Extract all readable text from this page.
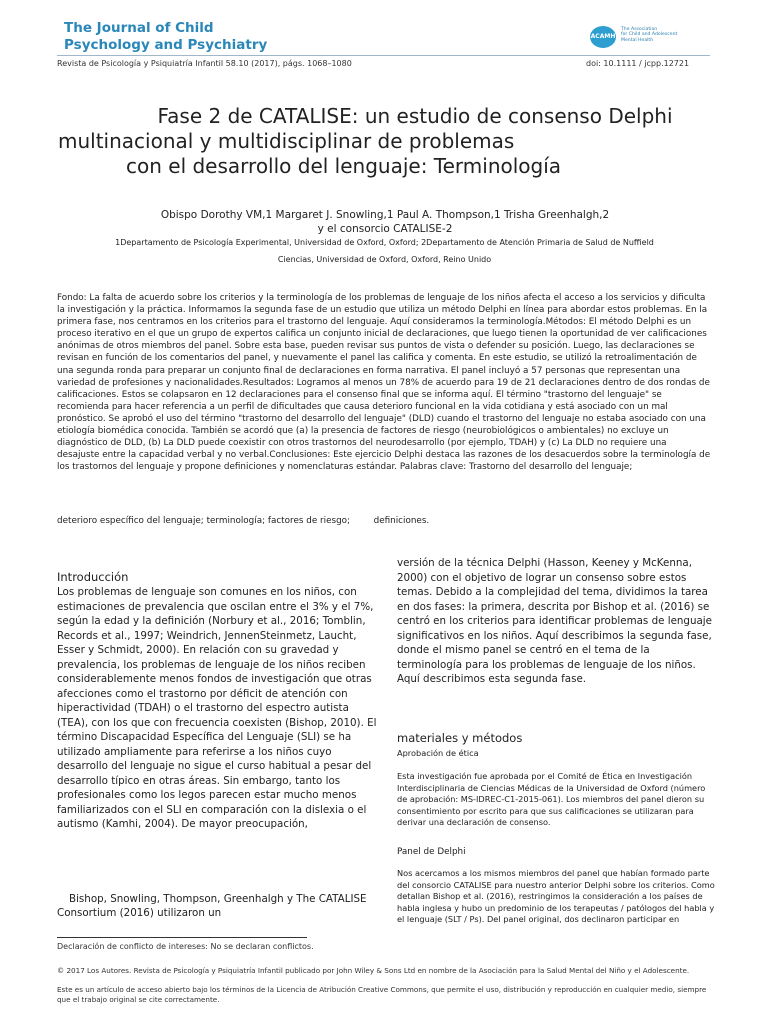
The Journal of Child
Psychology and Psychiatry
ACAMH
The Association
for Child and Adolescent
Mental Health
Revista de Psicología y Psiquiatría Infantil 58.10 (2017), págs. 1068–1080	doi: 10.1111 / jcpp.12721
Fase 2 de CATALISE: un estudio de consenso Delphi
multinacional y multidisciplinar de problemas
con el desarrollo del lenguaje: Terminología
Obispo Dorothy VM,1 Margaret J. Snowling,1 Paul A. Thompson,1 Trisha Greenhalgh,2
y el consorcio CATALISE-2
1Departamento de Psicología Experimental, Universidad de Oxford, Oxford; 2Departamento de Atención Primaria de Salud de Nuffield
Ciencias, Universidad de Oxford, Oxford, Reino Unido
Fondo: La falta de acuerdo sobre los criterios y la terminología de los problemas de lenguaje de los niños afecta el acceso a los servicios y dificulta la investigación y la práctica. Informamos la segunda fase de un estudio que utiliza un método Delphi en línea para abordar estos problemas. En la primera fase, nos centramos en los criterios para el trastorno del lenguaje. Aquí consideramos la terminología.Métodos: El método Delphi es un proceso iterativo en el que un grupo de expertos califica un conjunto inicial de declaraciones, que luego tienen la oportunidad de ver calificaciones anónimas de otros miembros del panel. Sobre esta base, pueden revisar sus puntos de vista o defender su posición. Luego, las declaraciones se revisan en función de los comentarios del panel, y nuevamente el panel las califica y comenta. En este estudio, se utilizó la retroalimentación de una segunda ronda para preparar un conjunto final de declaraciones en forma narrativa. El panel incluyó a 57 personas que representan una variedad de profesiones y nacionalidades.Resultados: Logramos al menos un 78% de acuerdo para 19 de 21 declaraciones dentro de dos rondas de calificaciones. Estos se colapsaron en 12 declaraciones para el consenso final que se informa aquí. El término "trastorno del lenguaje" se recomienda para hacer referencia a un perfil de dificultades que causa deterioro funcional en la vida cotidiana y está asociado con un mal pronóstico. Se aprobó el uso del término "trastorno del desarrollo del lenguaje" (DLD) cuando el trastorno del lenguaje no estaba asociado con una etiología biomédica conocida. También se acordó que (a) la presencia de factores de riesgo (neurobiológicos o ambientales) no excluye un diagnóstico de DLD, (b) La DLD puede coexistir con otros trastornos del neurodesarrollo (por ejemplo, TDAH) y (c) La DLD no requiere una desajuste entre la capacidad verbal y no verbal.Conclusiones: Este ejercicio Delphi destaca las razones de los desacuerdos sobre la terminología de los trastornos del lenguaje y propone definiciones y nomenclaturas estándar. Palabras clave: Trastorno del desarrollo del lenguaje;
deterioro específico del lenguaje; terminología; factores de riesgo;	definiciones.
Introducción
Los problemas de lenguaje son comunes en los niños, con estimaciones de prevalencia que oscilan entre el 3% y el 7%, según la edad y la definición (Norbury et al., 2016; Tomblin, Records et al., 1997; Weindrich, JennenSteinmetz, Laucht, Esser y Schmidt, 2000). En relación con su gravedad y prevalencia, los problemas de lenguaje de los niños reciben considerablemente menos fondos de investigación que otras afecciones como el trastorno por déficit de atención con hiperactividad (TDAH) o el trastorno del espectro autista (TEA), con los que con frecuencia coexisten (Bishop, 2010). El término Discapacidad Específica del Lenguaje (SLI) se ha utilizado ampliamente para referirse a los niños cuyo desarrollo del lenguaje no sigue el curso habitual a pesar del desarrollo típico en otras áreas. Sin embargo, tanto los profesionales como los legos parecen estar mucho menos familiarizados con el SLI en comparación con la dislexia o el autismo (Kamhi, 2004). De mayor preocupación,
Bishop, Snowling, Thompson, Greenhalgh y The CATALISE Consortium (2016) utilizaron un
versión de la técnica Delphi (Hasson, Keeney y McKenna, 2000) con el objetivo de lograr un consenso sobre estos temas. Debido a la complejidad del tema, dividimos la tarea en dos fases: la primera, descrita por Bishop et al. (2016) se centró en los criterios para identificar problemas de lenguaje significativos en los niños. Aquí describimos la segunda fase, donde el mismo panel se centró en el tema de la terminología para los problemas de lenguaje de los niños. Aquí describimos esta segunda fase.
materiales y métodos
Aprobación de ética
Esta investigación fue aprobada por el Comité de Ética en Investigación Interdisciplinaria de Ciencias Médicas de la Universidad de Oxford (número de aprobación: MS-IDREC-C1-2015-061). Los miembros del panel dieron su consentimiento por escrito para que sus calificaciones se utilizaran para derivar una declaración de consenso.
Panel de Delphi
Nos acercamos a los mismos miembros del panel que habían formado parte del consorcio CATALISE para nuestro anterior Delphi sobre los criterios. Como detallan Bishop et al. (2016), restringimos la consideración a los países de habla inglesa y hubo un predominio de los terapeutas / patólogos del habla y el lenguaje (SLT / Ps). Del panel original, dos declinaron participar en
Declaración de conflicto de intereses: No se declaran conflictos.
© 2017 Los Autores. Revista de Psicología y Psiquiatría Infantil publicado por John Wiley & Sons Ltd en nombre de la Asociación para la Salud Mental del Niño y el Adolescente.
Este es un artículo de acceso abierto bajo los términos de la Licencia de Atribución Creative Commons, que permite el uso, distribución y reproducción en cualquier medio, siempre que el trabajo original se cite correctamente.
